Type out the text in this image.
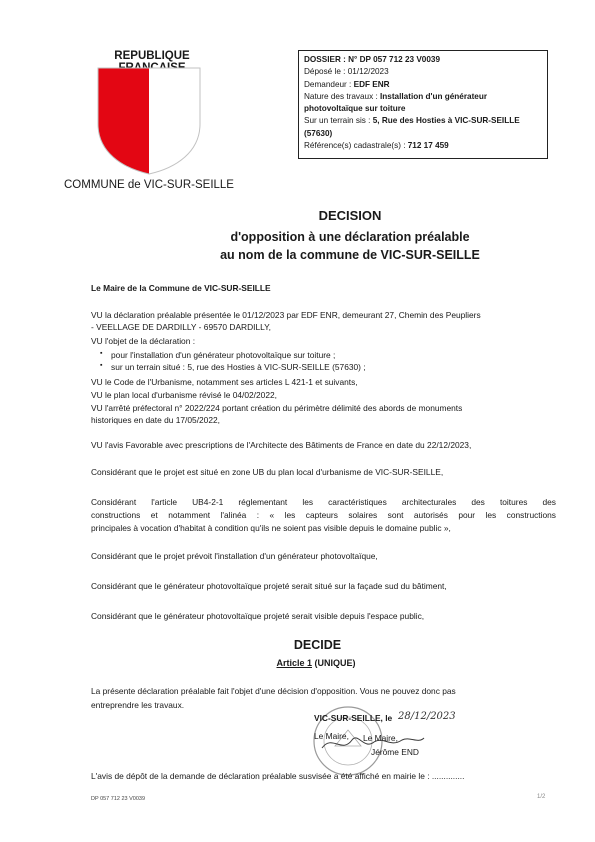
REPUBLIQUE
COMMUNE de VIC-SUR-SEILLE
DOSSIER : N° DP 057 712 23 V0039
Déposé le : 01/12/2023
Demandeur : EDF ENR
Nature des travaux : Installation d'un générateur photovoltaïque sur toiture
Sur un terrain sis : 5, Rue des Hosties à VIC-SUR-SEILLE (57630)
Référence(s) cadastrale(s) : 712 17 459
DECISION
d'opposition à une déclaration préalable
au nom de la commune de VIC-SUR-SEILLE
Le Maire de la Commune de VIC-SUR-SEILLE
VU la déclaration préalable présentée le 01/12/2023 par EDF ENR, demeurant 27, Chemin des Peupliers
- VEELLAGE DE DARDILLY - 69570 DARDILLY,
VU l'objet de la déclaration :
▪ pour l'installation d'un générateur photovoltaïque sur toiture ;
▪ sur un terrain situé : 5, rue des Hosties à VIC-SUR-SEILLE (57630) ;
VU le Code de l'Urbanisme, notamment ses articles L 421-1 et suivants,
VU le plan local d'urbanisme révisé le 04/02/2022,
VU l'arrêté préfectoral n° 2022/224 portant création du périmètre délimité des abords de monuments
historiques en date du 17/05/2022,
VU l'avis Favorable avec prescriptions de l'Architecte des Bâtiments de France en date du 22/12/2023,
Considérant que le projet est situé en zone UB du plan local d'urbanisme de VIC-SUR-SEILLE,
Considérant l'article UB4-2-1 réglementant les caractéristiques architecturales des toitures des
constructions et notamment l'alinéa : « les capteurs solaires sont autorisés pour les constructions
principales à vocation d'habitat à condition qu'ils ne soient pas visible depuis le domaine public »,
Considérant que le projet prévoit l'installation d'un générateur photovoltaïque,
Considérant que le générateur photovoltaïque projeté serait situé sur la façade sud du bâtiment,
Considérant que le générateur photovoltaïque projeté serait visible depuis l'espace public,
DECIDE
Article 1 (UNIQUE)
La présente déclaration préalable fait l'objet d'une décision d'opposition. Vous ne pouvez donc pas
entreprendre les travaux.
VIC-SUR-SEILLE, le 28/12/2023
Le Maire, Le Maire,
Jérôme END
L'avis de dépôt de la demande de déclaration préalable susvisée a été affiché en mairie le : ..............
DP 057 712 23 V0039	1/2
